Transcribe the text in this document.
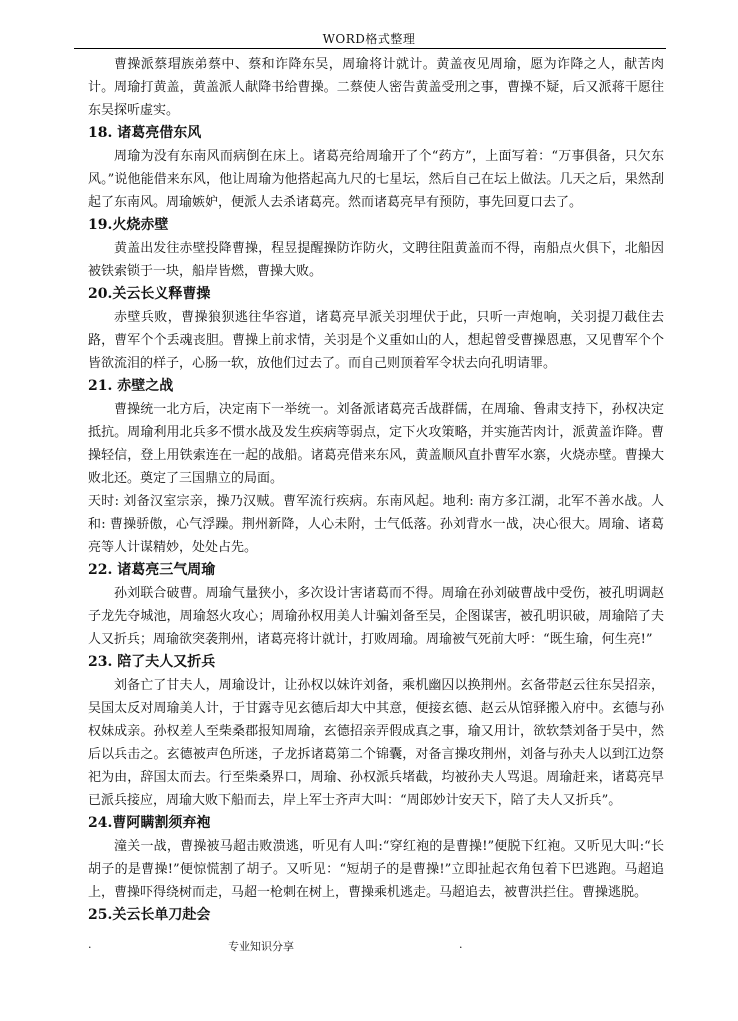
WORD格式整理
曹操派蔡瑁族弟蔡中、蔡和诈降东吴，周瑜将计就计。黄盖夜见周瑜，愿为诈降之人，献苦肉计。周瑜打黄盖，黄盖派人献降书给曹操。二蔡使人密告黄盖受刑之事，曹操不疑，后又派蒋干愿往东吴探听虚实。
18. 诸葛亮借东风
周瑜为没有东南风而病倒在床上。诸葛亮给周瑜开了个“药方”，上面写着：“万事俱备，只欠东风。”说他能借来东风，他让周瑜为他搭起高九尺的七星坛，然后自己在坛上做法。几天之后，果然刮起了东南风。周瑜嫉妒，便派人去杀诸葛亮。然而诸葛亮早有预防，事先回夏口去了。
19.火烧赤壁
黄盖出发往赤壁投降曹操，程昱提醒操防诈防火，文聘往阻黄盖而不得，南船点火俱下，北船因被铁索锁于一块，船岸皆燃，曹操大败。
20.关云长义释曹操
赤壁兵败，曹操狼狈逃往华容道，诸葛亮早派关羽埋伏于此，只听一声炮响，关羽提刀截住去路，曹军个个丢魂丧胆。曹操上前求情，关羽是个义重如山的人，想起曾受曹操恩惠，又见曹军个个皆欲流泪的样子，心肠一软，放他们过去了。而自己则顶着军令状去向孔明请罪。
21. 赤壁之战
曹操统一北方后，决定南下一举统一。刘备派诸葛亮舌战群儒，在周瑜、鲁肃支持下，孙权决定抵抗。周瑜利用北兵多不惯水战及发生疾病等弱点，定下火攻策略，并实施苦肉计，派黄盖诈降。曹操轻信，登上用铁索连在一起的战船。诸葛亮借来东风，黄盖顺风直扑曹军水寨，火烧赤壁。曹操大败北还。奠定了三国鼎立的局面。
天时: 刘备汉室宗亲，操乃汉贼。曹军流行疾病。东南风起。地利: 南方多江湖，北军不善水战。人和: 曹操骄傲，心气浮躁。荆州新降，人心未附，士气低落。孙刘背水一战，决心很大。周瑜、诸葛亮等人计谋精妙，处处占先。
22. 诸葛亮三气周瑜
孙刘联合破曹。周瑜气量狭小，多次设计害诸葛而不得。周瑜在孙刘破曹战中受伤，被孔明调赵子龙先夺城池，周瑜怒火攻心；周瑜孙权用美人计骗刘备至吴，企图谋害，被孔明识破，周瑜陪了夫人又折兵；周瑜欲突袭荆州，诸葛亮将计就计，打败周瑜。周瑜被气死前大呼：“既生瑜，何生亮!”
23. 陪了夫人又折兵
刘备亡了甘夫人，周瑜设计，让孙权以妹许刘备，乘机幽囚以换荆州。玄备带赵云往东吴招亲，吴国太反对周瑜美人计，于甘露寺见玄德后却大中其意，便接玄德、赵云从馆驿搬入府中。玄德与孙权妹成亲。孙权差人至柴桑郡报知周瑜，玄德招亲弄假成真之事，瑜又用计，欲软禁刘备于吴中，然后以兵击之。玄德被声色所迷，子龙拆诸葛第二个锦囊，对备言操攻荆州，刘备与孙夫人以到江边祭祀为由，辞国太而去。行至柴桑界口，周瑜、孙权派兵堵截，均被孙夫人骂退。周瑜赶来，诸葛亮早已派兵接应，周瑜大败下船而去，岸上军士齐声大叫：“周郎妙计安天下，陪了夫人又折兵”。
24.曹阿瞒割须弃袍
潼关一战，曹操被马超击败溃逃，听见有人叫:“穿红袍的是曹操!”便脱下红袍。又听见大叫:“长胡子的是曹操!”便惊慌割了胡子。又听见：“短胡子的是曹操!”立即扯起衣角包着下巴逃跑。马超追上，曹操吓得绕树而走，马超一枪刺在树上，曹操乘机逃走。马超追去，被曹洪拦住。曹操逃脱。
25.关云长单刀赴会
.	专业知识分享	.
